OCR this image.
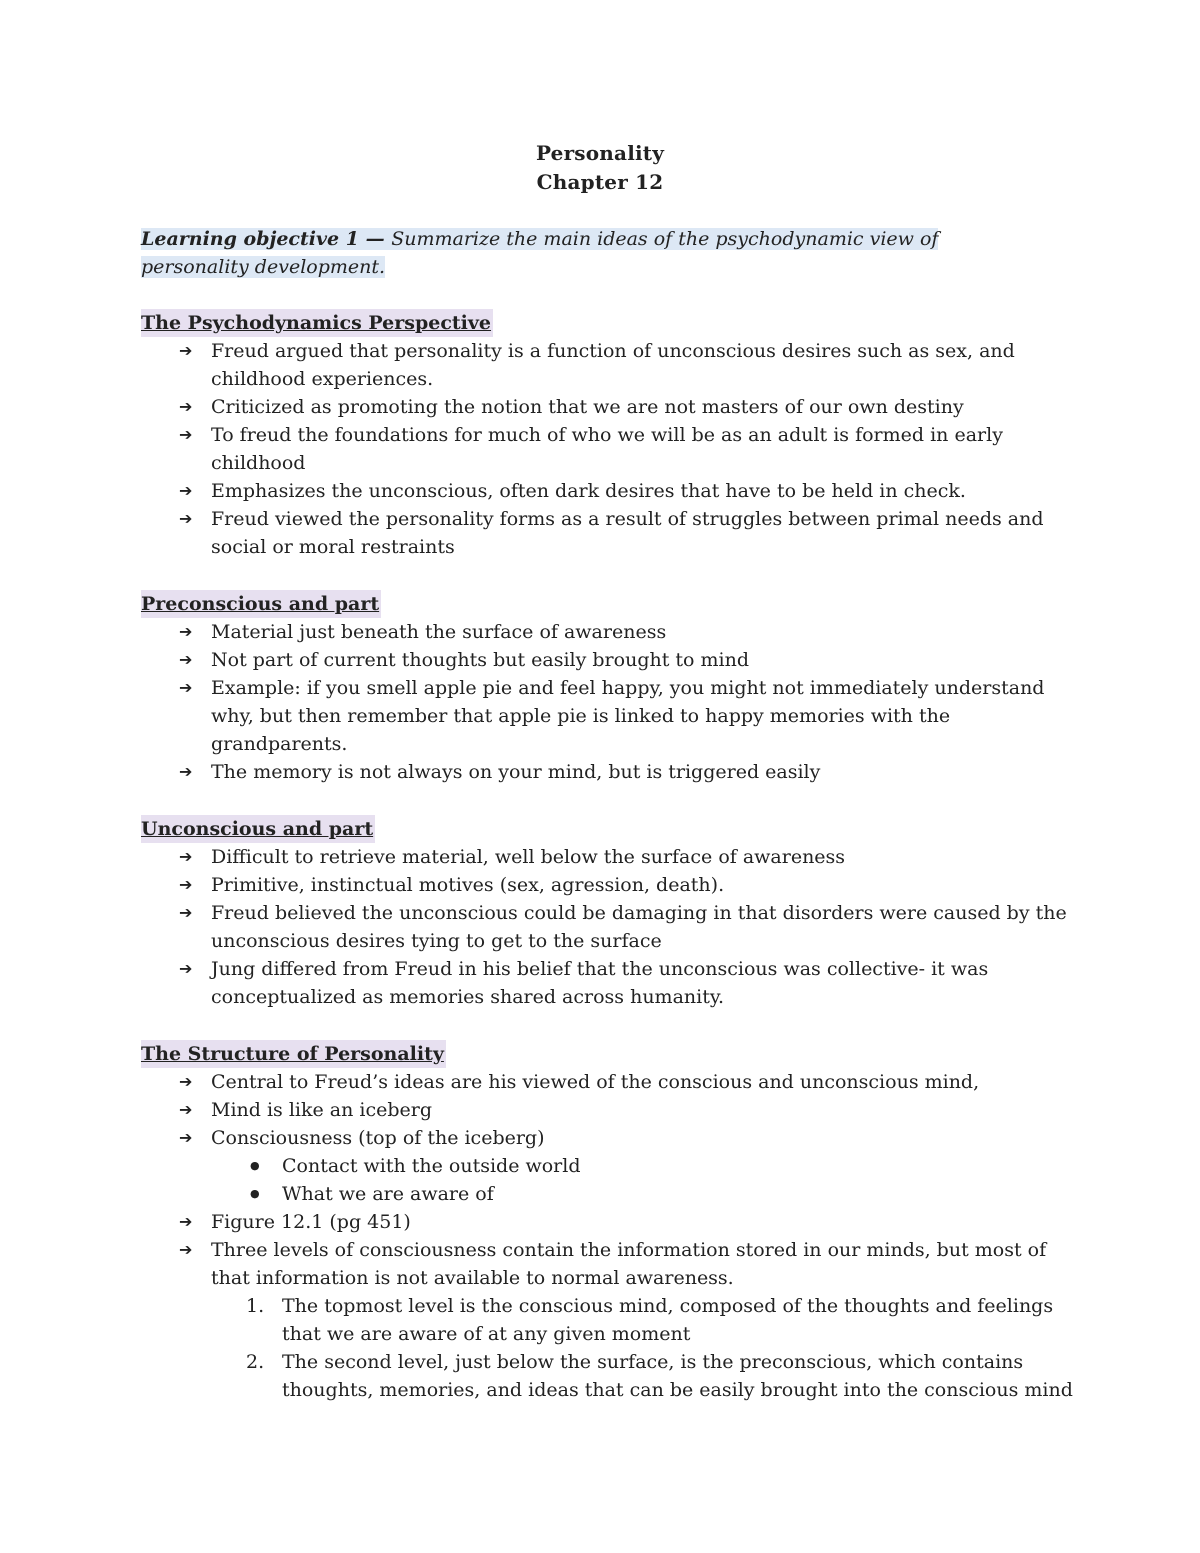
Personality
Chapter 12
Learning objective 1 — Summarize the main ideas of the psychodynamic view of
personality development.
The Psychodynamics Perspective
➔ Freud argued that personality is a function of unconscious desires such as sex, and
childhood experiences.
➔ Criticized as promoting the notion that we are not masters of our own destiny
➔ To freud the foundations for much of who we will be as an adult is formed in early
childhood
➔ Emphasizes the unconscious, often dark desires that have to be held in check.
➔ Freud viewed the personality forms as a result of struggles between primal needs and
social or moral restraints
Preconscious and part
➔ Material just beneath the surface of awareness
➔ Not part of current thoughts but easily brought to mind
➔ Example: if you smell apple pie and feel happy, you might not immediately understand
why, but then remember that apple pie is linked to happy memories with the
grandparents.
➔ The memory is not always on your mind, but is triggered easily
Unconscious and part
➔ Difficult to retrieve material, well below the surface of awareness
➔ Primitive, instinctual motives (sex, agression, death).
➔ Freud believed the unconscious could be damaging in that disorders were caused by the
unconscious desires tying to get to the surface
➔ Jung differed from Freud in his belief that the unconscious was collective- it was
conceptualized as memories shared across humanity.
The Structure of Personality
➔ Central to Freud’s ideas are his viewed of the conscious and unconscious mind,
➔ Mind is like an iceberg
➔ Consciousness (top of the iceberg)
● Contact with the outside world
● What we are aware of
➔ Figure 12.1 (pg 451)
➔ Three levels of consciousness contain the information stored in our minds, but most of
that information is not available to normal awareness.
1. The topmost level is the conscious mind, composed of the thoughts and feelings
that we are aware of at any given moment
2. The second level, just below the surface, is the preconscious, which contains
thoughts, memories, and ideas that can be easily brought into the conscious mind
